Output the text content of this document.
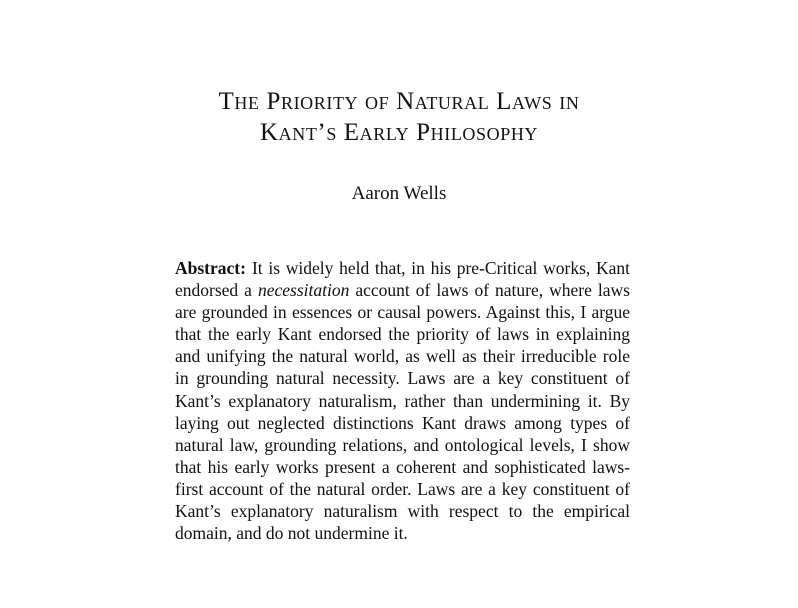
The Priority of Natural Laws in
Kant’s Early Philosophy

Aaron Wells

Abstract: It is widely held that, in his pre-Critical works, Kant endorsed a necessitation account of laws of nature, where laws are grounded in essences or causal powers. Against this, I argue that the early Kant endorsed the priority of laws in explaining and unifying the natural world, as well as their irreducible role in grounding natural necessity. Laws are a key constituent of Kant’s explanatory naturalism, rather than undermining it. By laying out neglected distinctions Kant draws among types of natural law, grounding relations, and ontological levels, I show that his early works present a coherent and sophisticated laws-first account of the natural order. Laws are a key constituent of Kant’s explanatory naturalism with respect to the empirical domain, and do not undermine it.
